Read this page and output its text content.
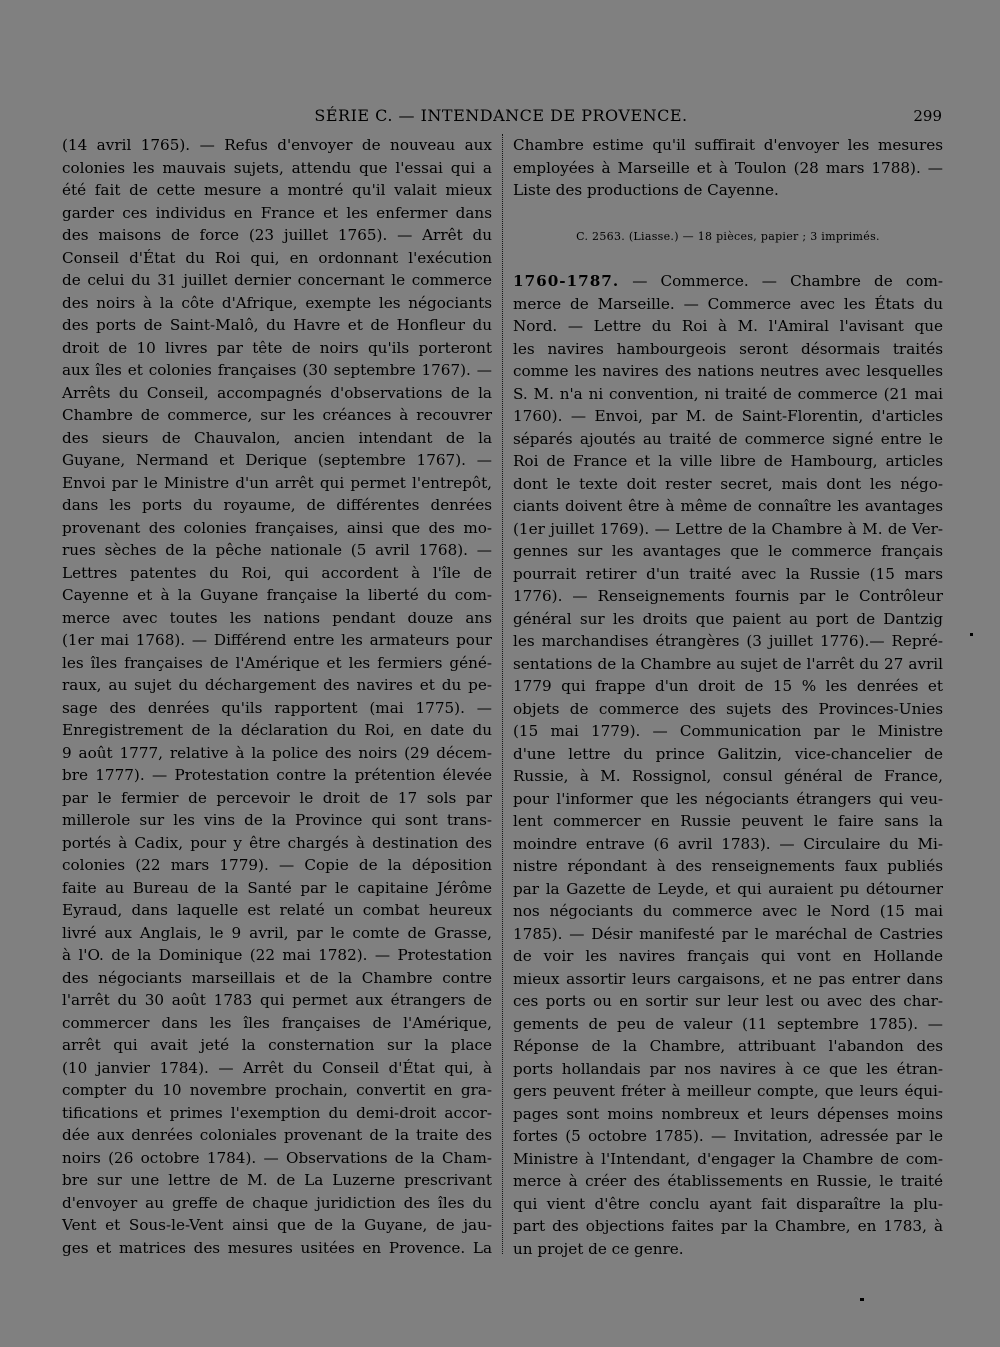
SÉRIE C. — INTENDANCE DE PROVENCE.	299
(14 avril 1765). — Refus d'envoyer de nouveau aux
colonies les mauvais sujets, attendu que l'essai qui a
été fait de cette mesure a montré qu'il valait mieux
garder ces individus en France et les enfermer dans
des maisons de force (23 juillet 1765). — Arrêt du
Conseil d'État du Roi qui, en ordonnant l'exécution
de celui du 31 juillet dernier concernant le commerce
des noirs à la côte d'Afrique, exempte les négociants
des ports de Saint-Malô, du Havre et de Honfleur du
droit de 10 livres par tête de noirs qu'ils porteront
aux îles et colonies françaises (30 septembre 1767). —
Arrêts du Conseil, accompagnés d'observations de la
Chambre de commerce, sur les créances à recouvrer
des sieurs de Chauvalon, ancien intendant de la
Guyane, Nermand et Derique (septembre 1767). —
Envoi par le Ministre d'un arrêt qui permet l'entrepôt,
dans les ports du royaume, de différentes denrées
provenant des colonies françaises, ainsi que des mo-
rues sèches de la pêche nationale (5 avril 1768). —
Lettres patentes du Roi, qui accordent à l'île de
Cayenne et à la Guyane française la liberté du com-
merce avec toutes les nations pendant douze ans
(1er mai 1768). — Différend entre les armateurs pour
les îles françaises de l'Amérique et les fermiers géné-
raux, au sujet du déchargement des navires et du pe-
sage des denrées qu'ils rapportent (mai 1775). —
Enregistrement de la déclaration du Roi, en date du
9 août 1777, relative à la police des noirs (29 décem-
bre 1777). — Protestation contre la prétention élevée
par le fermier de percevoir le droit de 17 sols par
millerole sur les vins de la Province qui sont trans-
portés à Cadix, pour y être chargés à destination des
colonies (22 mars 1779). — Copie de la déposition
faite au Bureau de la Santé par le capitaine Jérôme
Eyraud, dans laquelle est relaté un combat heureux
livré aux Anglais, le 9 avril, par le comte de Grasse,
à l'O. de la Dominique (22 mai 1782). — Protestation
des négociants marseillais et de la Chambre contre
l'arrêt du 30 août 1783 qui permet aux étrangers de
commercer dans les îles françaises de l'Amérique,
arrêt qui avait jeté la consternation sur la place
(10 janvier 1784). — Arrêt du Conseil d'État qui, à
compter du 10 novembre prochain, convertit en gra-
tifications et primes l'exemption du demi-droit accor-
dée aux denrées coloniales provenant de la traite des
noirs (26 octobre 1784). — Observations de la Cham-
bre sur une lettre de M. de La Luzerne prescrivant
d'envoyer au greffe de chaque juridiction des îles du
Vent et Sous-le-Vent ainsi que de la Guyane, de jau-
ges et matrices des mesures usitées en Provence. La
Chambre estime qu'il suffirait d'envoyer les mesures
employées à Marseille et à Toulon (28 mars 1788). —
Liste des productions de Cayenne.
C. 2563. (Liasse.) — 18 pièces, papier ; 3 imprimés.
1760-1787. — Commerce. — Chambre de com-
merce de Marseille. — Commerce avec les États du
Nord. — Lettre du Roi à M. l'Amiral l'avisant que
les navires hambourgeois seront désormais traités
comme les navires des nations neutres avec lesquelles
S. M. n'a ni convention, ni traité de commerce (21 mai
1760). — Envoi, par M. de Saint-Florentin, d'articles
séparés ajoutés au traité de commerce signé entre le
Roi de France et la ville libre de Hambourg, articles
dont le texte doit rester secret, mais dont les négo-
ciants doivent être à même de connaître les avantages
(1er juillet 1769). — Lettre de la Chambre à M. de Ver-
gennes sur les avantages que le commerce français
pourrait retirer d'un traité avec la Russie (15 mars
1776). — Renseignements fournis par le Contrôleur
général sur les droits que paient au port de Dantzig
les marchandises étrangères (3 juillet 1776).— Repré-
sentations de la Chambre au sujet de l'arrêt du 27 avril
1779 qui frappe d'un droit de 15 % les denrées et
objets de commerce des sujets des Provinces-Unies
(15 mai 1779). — Communication par le Ministre
d'une lettre du prince Galitzin, vice-chancelier de
Russie, à M. Rossignol, consul général de France,
pour l'informer que les négociants étrangers qui veu-
lent commercer en Russie peuvent le faire sans la
moindre entrave (6 avril 1783). — Circulaire du Mi-
nistre répondant à des renseignements faux publiés
par la Gazette de Leyde, et qui auraient pu détourner
nos négociants du commerce avec le Nord (15 mai
1785). — Désir manifesté par le maréchal de Castries
de voir les navires français qui vont en Hollande
mieux assortir leurs cargaisons, et ne pas entrer dans
ces ports ou en sortir sur leur lest ou avec des char-
gements de peu de valeur (11 septembre 1785). —
Réponse de la Chambre, attribuant l'abandon des
ports hollandais par nos navires à ce que les étran-
gers peuvent fréter à meilleur compte, que leurs équi-
pages sont moins nombreux et leurs dépenses moins
fortes (5 octobre 1785). — Invitation, adressée par le
Ministre à l'Intendant, d'engager la Chambre de com-
merce à créer des établissements en Russie, le traité
qui vient d'être conclu ayant fait disparaître la plu-
part des objections faites par la Chambre, en 1783, à
un projet de ce genre.
